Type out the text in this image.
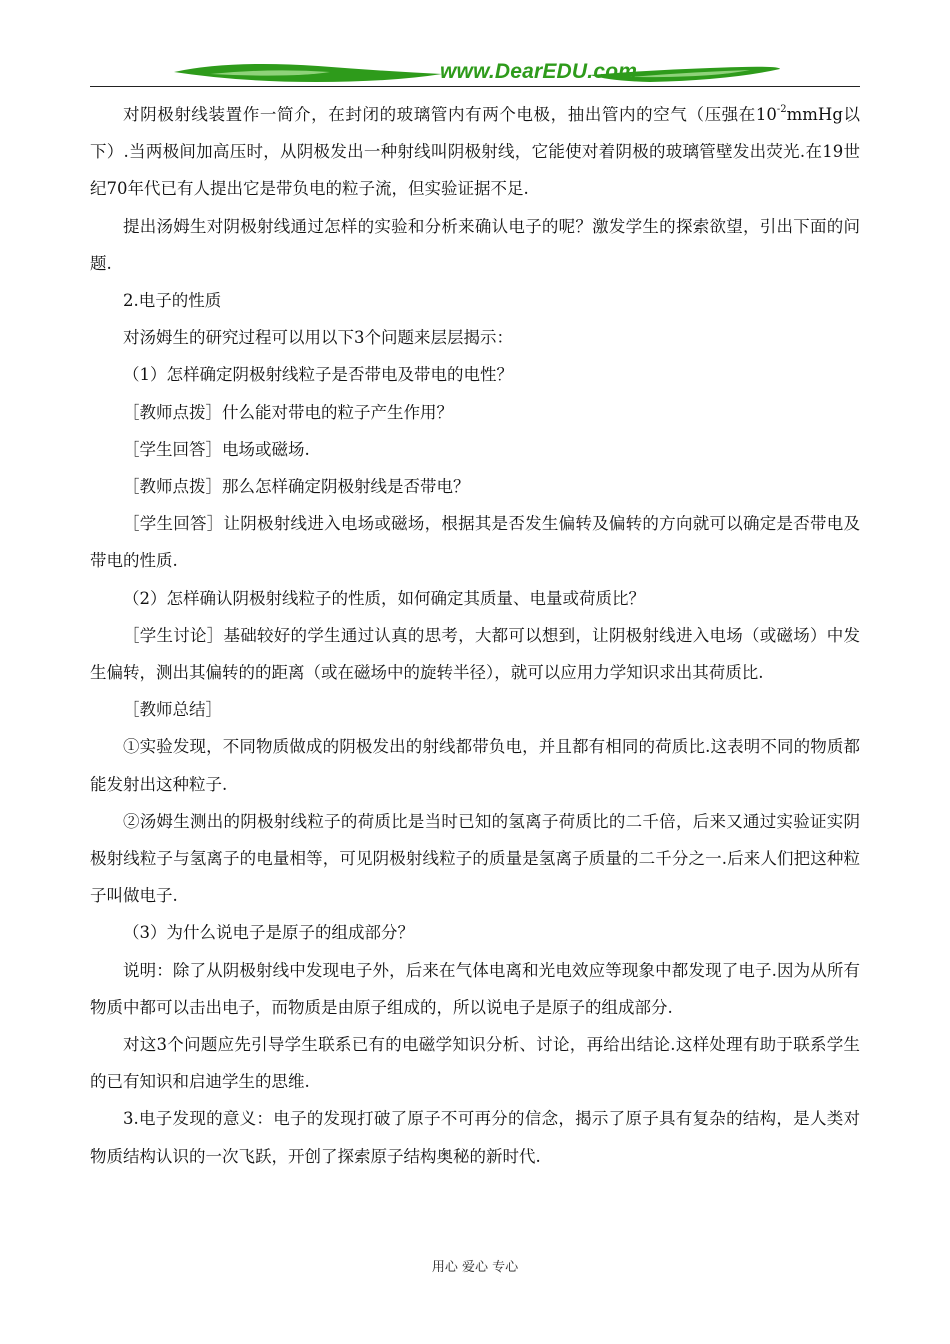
www.DearEDU.com

对阴极射线装置作一简介，在封闭的玻璃管内有两个电极，抽出管内的空气（压强在$10^{-2}mmHg$以下）.当两极间加高压时，从阴极发出一种射线叫阴极射线，它能使对着阴极的玻璃管壁发出荧光.在19世纪70年代已有人提出它是带负电的粒子流，但实验证据不足.

提出汤姆生对阴极射线通过怎样的实验和分析来确认电子的呢？激发学生的探索欲望，引出下面的问题.

2.电子的性质

对汤姆生的研究过程可以用以下3个问题来层层揭示：

（1）怎样确定阴极射线粒子是否带电及带电的电性？

［教师点拨］什么能对带电的粒子产生作用？

［学生回答］电场或磁场.

［教师点拨］那么怎样确定阴极射线是否带电？

［学生回答］让阴极射线进入电场或磁场，根据其是否发生偏转及偏转的方向就可以确定是否带电及带电的性质.

（2）怎样确认阴极射线粒子的性质，如何确定其质量、电量或荷质比？

［学生讨论］基础较好的学生通过认真的思考，大都可以想到，让阴极射线进入电场（或磁场）中发生偏转，测出其偏转的的距离（或在磁场中的旋转半径），就可以应用力学知识求出其荷质比.

［教师总结］

①实验发现，不同物质做成的阴极发出的射线都带负电，并且都有相同的荷质比.这表明不同的物质都能发射出这种粒子.

②汤姆生测出的阴极射线粒子的荷质比是当时已知的氢离子荷质比的二千倍，后来又通过实验证实阴极射线粒子与氢离子的电量相等，可见阴极射线粒子的质量是氢离子质量的二千分之一.后来人们把这种粒子叫做电子.

（3）为什么说电子是原子的组成部分？

说明：除了从阴极射线中发现电子外，后来在气体电离和光电效应等现象中都发现了电子.因为从所有物质中都可以击出电子，而物质是由原子组成的，所以说电子是原子的组成部分.

对这3个问题应先引导学生联系已有的电磁学知识分析、讨论，再给出结论.这样处理有助于联系学生的已有知识和启迪学生的思维.

3.电子发现的意义：电子的发现打破了原子不可再分的信念，揭示了原子具有复杂的结构，是人类对物质结构认识的一次飞跃，开创了探索原子结构奥秘的新时代.

用心 爱心 专心
